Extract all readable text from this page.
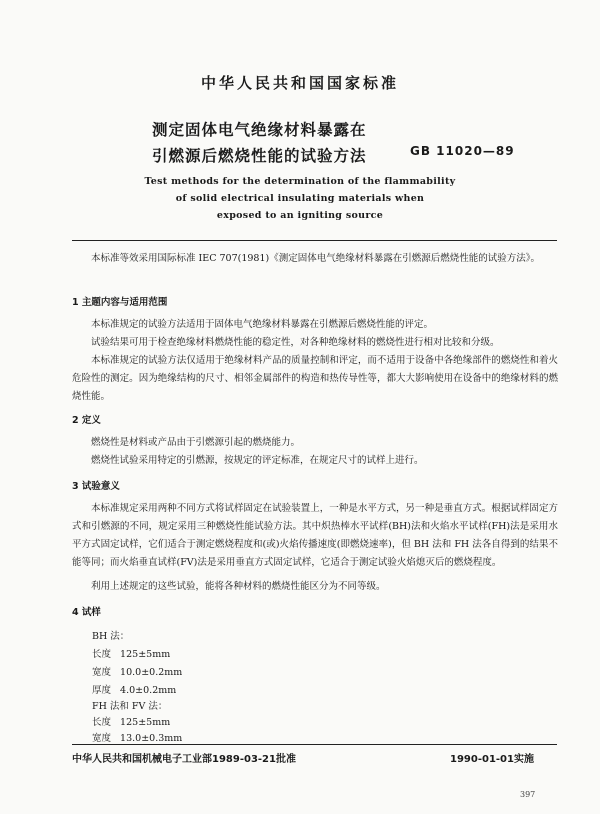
中华人民共和国国家标准
测定固体电气绝缘材料暴露在
引燃源后燃烧性能的试验方法	GB 11020—89
Test methods for the determination of the flammability
of solid electrical insulating materials when
exposed to an igniting source
本标准等效采用国际标准 IEC 707(1981)《测定固体电气绝缘材料暴露在引燃源后燃烧性能的试验方法》。
1 主题内容与适用范围
本标准规定的试验方法适用于固体电气绝缘材料暴露在引燃源后燃烧性能的评定。
试验结果可用于检查绝缘材料燃烧性能的稳定性，对各种绝缘材料的燃烧性进行相对比较和分级。
本标准规定的试验方法仅适用于绝缘材料产品的质量控制和评定，而不适用于设备中各绝缘部件的燃烧性和着火危险性的测定。因为绝缘结构的尺寸、相邻金属部件的构造和热传导性等，都大大影响使用在设备中的绝缘材料的燃烧性能。
2 定义
燃烧性是材料或产品由于引燃源引起的燃烧能力。
燃烧性试验采用特定的引燃源，按规定的评定标准，在规定尺寸的试样上进行。
3 试验意义
本标准规定采用两种不同方式将试样固定在试验装置上，一种是水平方式，另一种是垂直方式。根据试样固定方式和引燃源的不同，规定采用三种燃烧性能试验方法。其中炽热棒水平试样(BH)法和火焰水平试样(FH)法是采用水平方式固定试样，它们适合于测定燃烧程度和(或)火焰传播速度(即燃烧速率)，但 BH 法和 FH 法各自得到的结果不能等同；而火焰垂直试样(FV)法是采用垂直方式固定试样，它适合于测定试验火焰熄灭后的燃烧程度。
利用上述规定的这些试验，能将各种材料的燃烧性能区分为不同等级。
4 试样
BH 法：
长度   125±5mm
宽度   10.0±0.2mm
厚度   4.0±0.2mm
FH 法和 FV 法：
长度   125±5mm
宽度   13.0±0.3mm
中华人民共和国机械电子工业部1989-03-21批准	1990-01-01实施
397
